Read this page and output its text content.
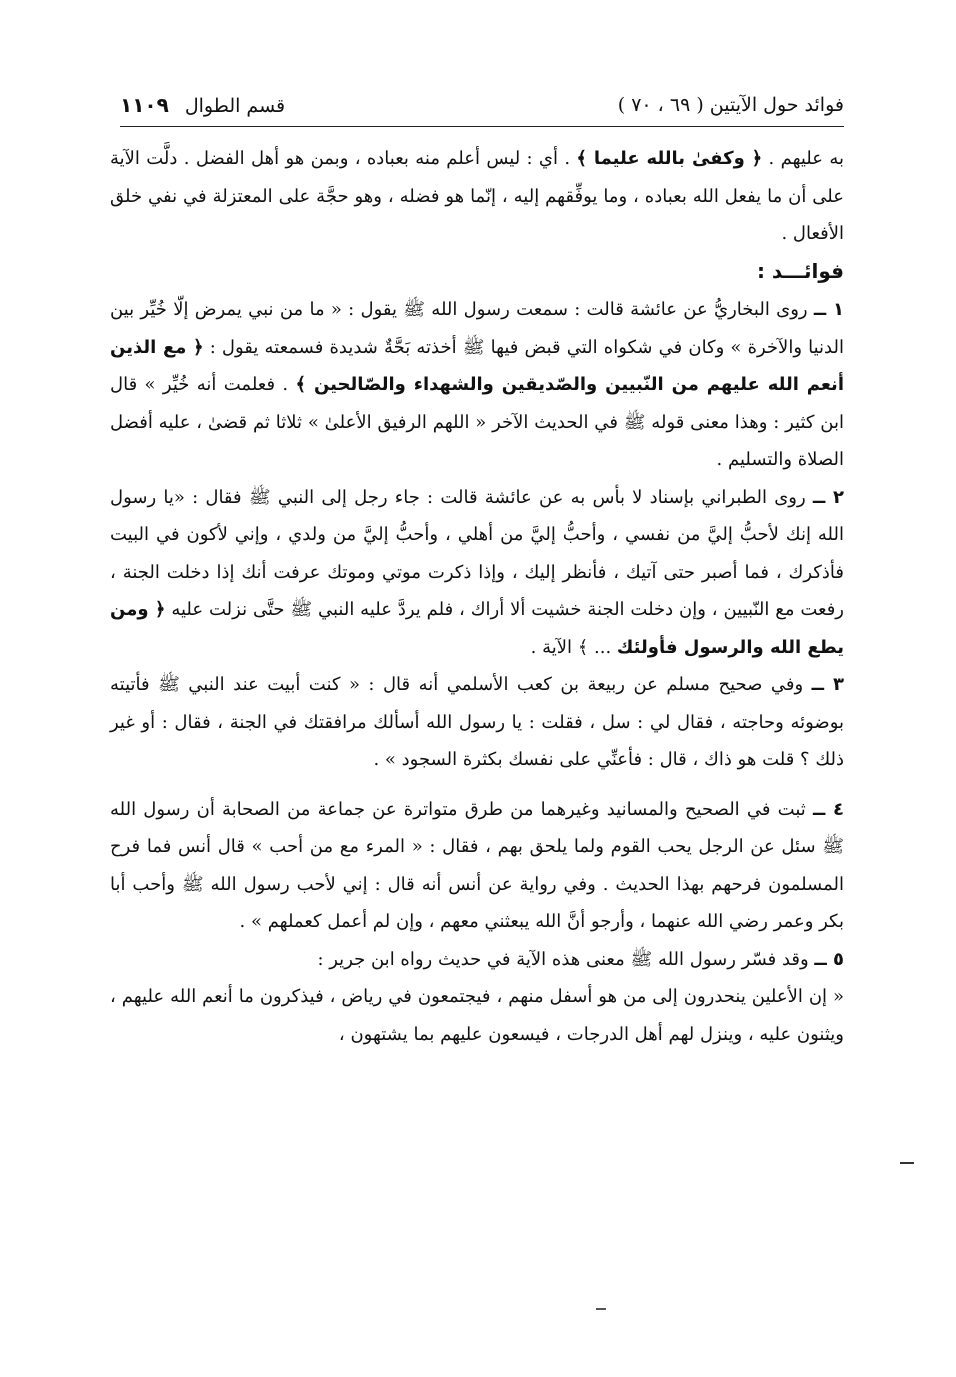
فوائد حول الآيتين ( ٦٩ ، ٧٠ )
قسم الطوال١١٠٩

به عليهم . ﴿ وكفىٰ بالله عليما ﴾ . أي : ليس أعلم منه بعباده ، وبمن هو أهل الفضل . دلَّت الآية على أن ما يفعل الله بعباده ، وما يوفِّقهم إليه ، إنّما هو فضله ، وهو حجَّة على المعتزلة في نفي خلق الأفعال .

فوائـــد :

١ ــ روى البخاريُّ عن عائشة قالت : سمعت رسول الله ﷺ يقول : « ما من نبي يمرض إلّا خُيِّر بين الدنيا والآخرة » وكان في شكواه التي قبض فيها ﷺ أخذته بَحَّةٌ شديدة فسمعته يقول : ﴿ مع الذين أنعم الله عليهم من النّبيين والصّديقين والشهداء والصّالحين ﴾ . فعلمت أنه خُيِّر » قال ابن كثير : وهذا معنى قوله ﷺ في الحديث الآخر « اللهم الرفيق الأعلىٰ » ثلاثا ثم قضىٰ ، عليه أفضل الصلاة والتسليم .

٢ ــ روى الطبراني بإسناد لا بأس به عن عائشة قالت : جاء رجل إلى النبي ﷺ فقال : «يا رسول الله إنك لأحبُّ إليَّ من نفسي ، وأحبُّ إليَّ من أهلي ، وأحبُّ إليَّ من ولدي ، وإني لأكون في البيت فأذكرك ، فما أصبر حتى آتيك ، فأنظر إليك ، وإذا ذكرت موتي وموتك عرفت أنك إذا دخلت الجنة ، رفعت مع النّبيين ، وإن دخلت الجنة خشيت ألا أراك ، فلم يردَّ عليه النبي ﷺ حتَّى نزلت عليه ﴿ ومن يطع الله والرسول فأولئك ... ﴾ الآية .

٣ ــ وفي صحيح مسلم عن ربيعة بن كعب الأسلمي أنه قال : « كنت أبيت عند النبي ﷺ فأتيته بوضوئه وحاجته ، فقال لي : سل ، فقلت : يا رسول الله أسألك مرافقتك في الجنة ، فقال : أو غير ذلك ؟ قلت هو ذاك ، قال : فأعنِّي على نفسك بكثرة السجود » .

٤ ــ ثبت في الصحيح والمسانيد وغيرهما من طرق متواترة عن جماعة من الصحابة أن رسول الله ﷺ سئل عن الرجل يحب القوم ولما يلحق بهم ، فقال : « المرء مع من أحب » قال أنس فما فرح المسلمون فرحهم بهذا الحديث . وفي رواية عن أنس أنه قال : إني لأحب رسول الله ﷺ وأحب أبا بكر وعمر رضي الله عنهما ، وأرجو أنَّ الله يبعثني معهم ، وإن لم أعمل كعملهم » .

٥ ــ وقد فسّر رسول الله ﷺ معنى هذه الآية في حديث رواه ابن جرير :

« إن الأعلين ينحدرون إلى من هو أسفل منهم ، فيجتمعون في رياض ، فيذكرون ما أنعم الله عليهم ، ويثنون عليه ، وينزل لهم أهل الدرجات ، فيسعون عليهم بما يشتهون ،
